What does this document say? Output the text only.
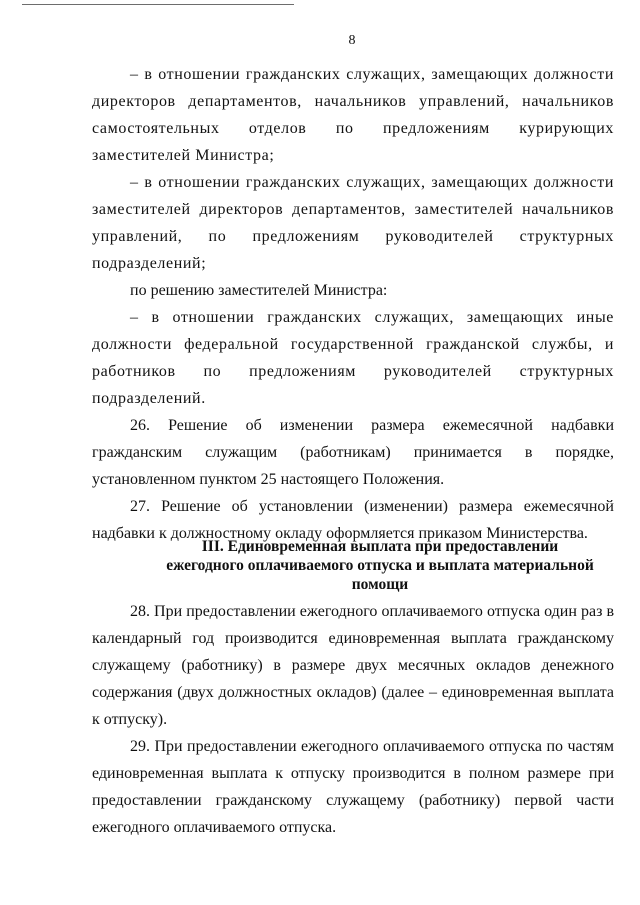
8

– в отношении гражданских служащих, замещающих должности директоров департаментов, начальников управлений, начальников самостоятельных отделов по предложениям курирующих заместителей Министра;

– в отношении гражданских служащих, замещающих должности заместителей директоров департаментов, заместителей начальников управлений, по предложениям руководителей структурных подразделений;

по решению заместителей Министра:

– в отношении гражданских служащих, замещающих иные должности федеральной государственной гражданской службы, и работников по предложениям руководителей структурных подразделений.

26. Решение об изменении размера ежемесячной надбавки гражданским служащим (работникам) принимается в порядке, установленном пунктом 25 настоящего Положения.

27. Решение об установлении (изменении) размера ежемесячной надбавки к должностному окладу оформляется приказом Министерства.

III. Единовременная выплата при предоставлении
ежегодного оплачиваемого отпуска и выплата материальной
помощи

28. При предоставлении ежегодного оплачиваемого отпуска один раз в календарный год производится единовременная выплата гражданскому служащему (работнику) в размере двух месячных окладов денежного содержания (двух должностных окладов) (далее – единовременная выплата к отпуску).

29. При предоставлении ежегодного оплачиваемого отпуска по частям единовременная выплата к отпуску производится в полном размере при предоставлении гражданскому служащему (работнику) первой части ежегодного оплачиваемого отпуска.
